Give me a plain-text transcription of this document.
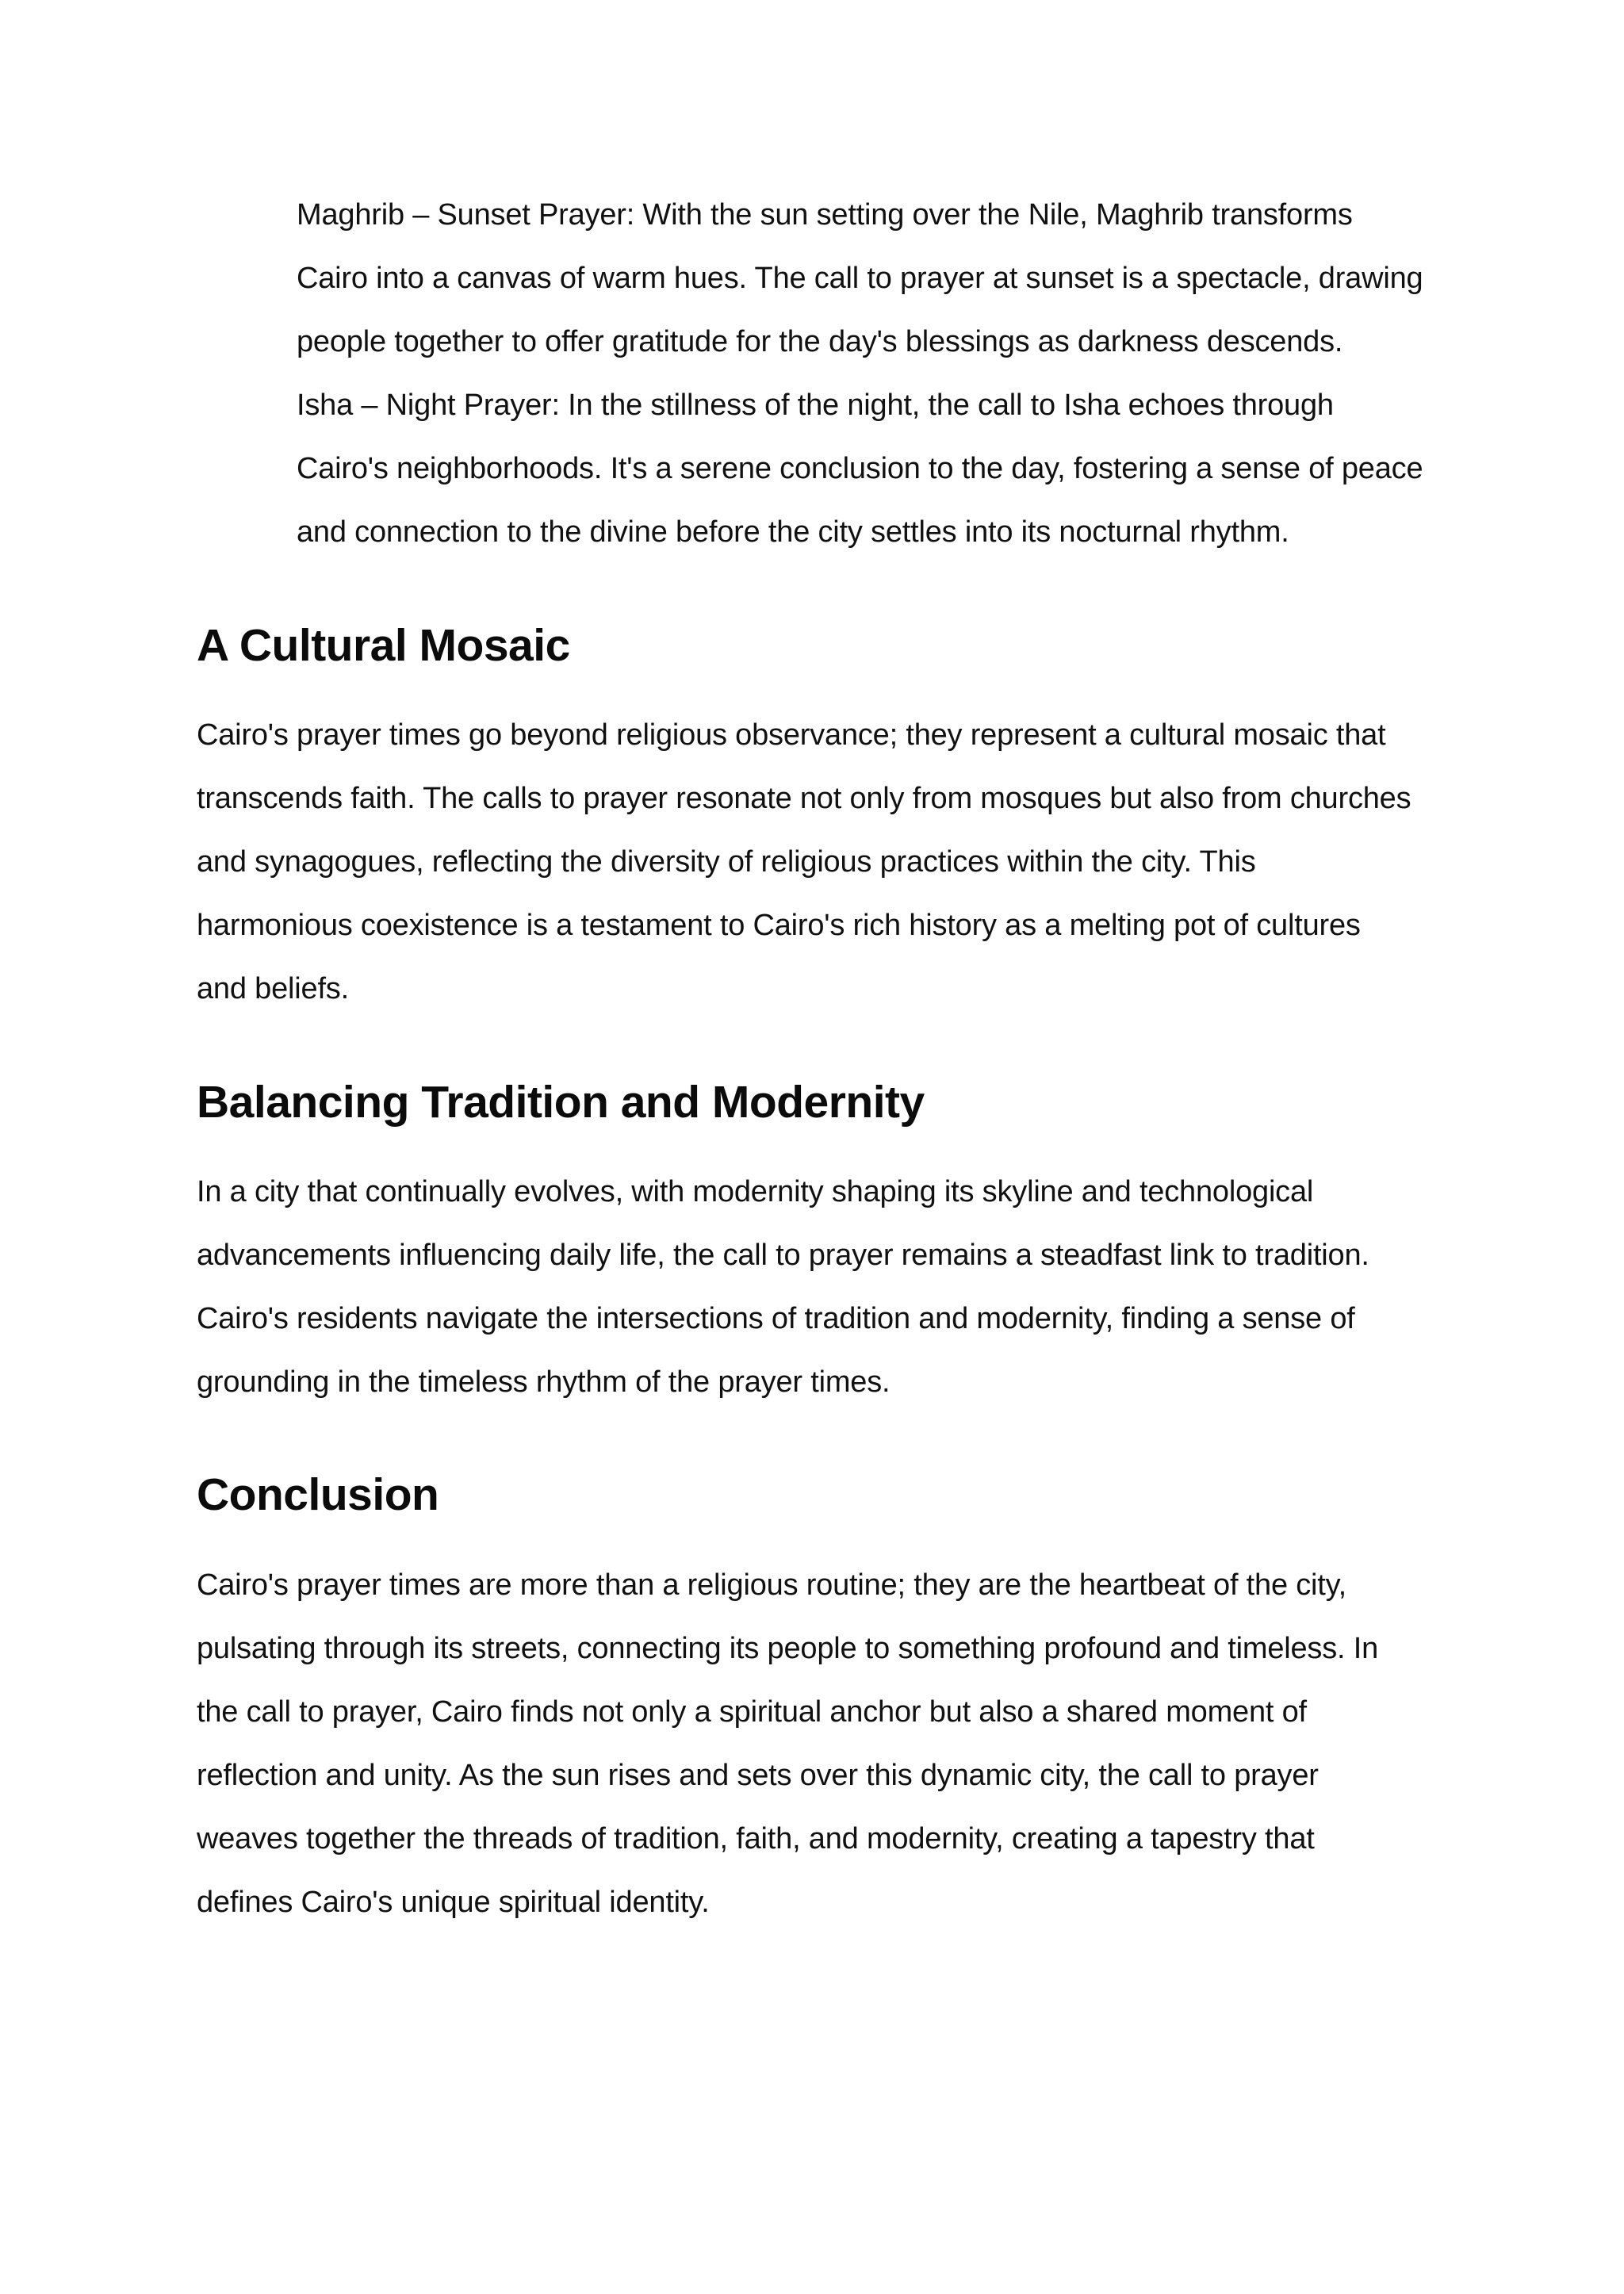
Maghrib – Sunset Prayer: With the sun setting over the Nile, Maghrib transforms
Cairo into a canvas of warm hues. The call to prayer at sunset is a spectacle, drawing
people together to offer gratitude for the day's blessings as darkness descends.
Isha – Night Prayer: In the stillness of the night, the call to Isha echoes through
Cairo's neighborhoods. It's a serene conclusion to the day, fostering a sense of peace
and connection to the divine before the city settles into its nocturnal rhythm.
A Cultural Mosaic
Cairo's prayer times go beyond religious observance; they represent a cultural mosaic that
transcends faith. The calls to prayer resonate not only from mosques but also from churches
and synagogues, reflecting the diversity of religious practices within the city. This
harmonious coexistence is a testament to Cairo's rich history as a melting pot of cultures
and beliefs.
Balancing Tradition and Modernity
In a city that continually evolves, with modernity shaping its skyline and technological
advancements influencing daily life, the call to prayer remains a steadfast link to tradition.
Cairo's residents navigate the intersections of tradition and modernity, finding a sense of
grounding in the timeless rhythm of the prayer times.
Conclusion
Cairo's prayer times are more than a religious routine; they are the heartbeat of the city,
pulsating through its streets, connecting its people to something profound and timeless. In
the call to prayer, Cairo finds not only a spiritual anchor but also a shared moment of
reflection and unity. As the sun rises and sets over this dynamic city, the call to prayer
weaves together the threads of tradition, faith, and modernity, creating a tapestry that
defines Cairo's unique spiritual identity.
